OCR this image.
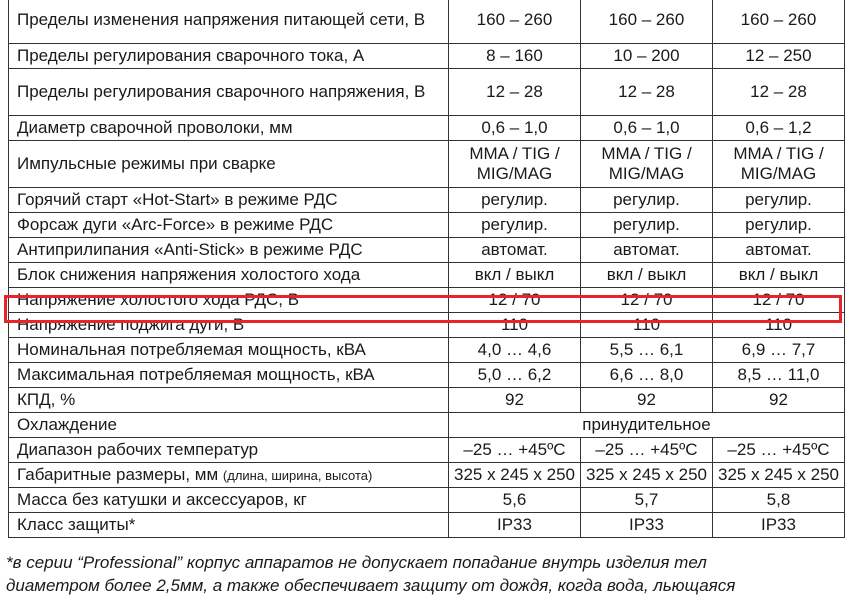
Пределы изменения напряжения питающей сети, В	160 – 260	160 – 260	160 – 260
Пределы регулирования сварочного тока, А	8 – 160	10 – 200	12 – 250
Пределы регулирования сварочного напряжения, В	12 – 28	12 – 28	12 – 28
Диаметр сварочной проволоки, мм	0,6 – 1,0	0,6 – 1,0	0,6 – 1,2
Импульсные режимы при сварке	MMA / TIG / MIG/MAG	MMA / TIG / MIG/MAG	MMA / TIG / MIG/MAG
Горячий старт «Hot-Start» в режиме РДС	регулир.	регулир.	регулир.
Форсаж дуги «Arc-Force» в режиме РДС	регулир.	регулир.	регулир.
Антиприлипания «Anti-Stick» в режиме РДС	автомат.	автомат.	автомат.
Блок снижения напряжения холостого хода	вкл / выкл	вкл / выкл	вкл / выкл
Напряжение холостого хода РДС, В	12 / 70	12 / 70	12 / 70
Напряжение поджига дуги, В	110	110	110
Номинальная потребляемая мощность, кВА	4,0 … 4,6	5,5 … 6,1	6,9 … 7,7
Максимальная потребляемая мощность, кВА	5,0 … 6,2	6,6 … 8,0	8,5 … 11,0
КПД, %	92	92	92
Охлаждение	принудительное		
Диапазон рабочих температур	–25 … +45ºC	–25 … +45ºC	–25 … +45ºC
Габаритные размеры, мм (длина, ширина, высота)	325 x 245 x 250	325 x 245 x 250	325 x 245 x 250
Масса без катушки и аксессуаров, кг	5,6	5,7	5,8
Класс защиты*	IP33	IP33	IP33
*в серии “Professional” корпус аппаратов не допускает попадание внутрь изделия тел
диаметром более 2,5мм, а также обеспечивает защиту от дождя, когда вода, льющаяся
